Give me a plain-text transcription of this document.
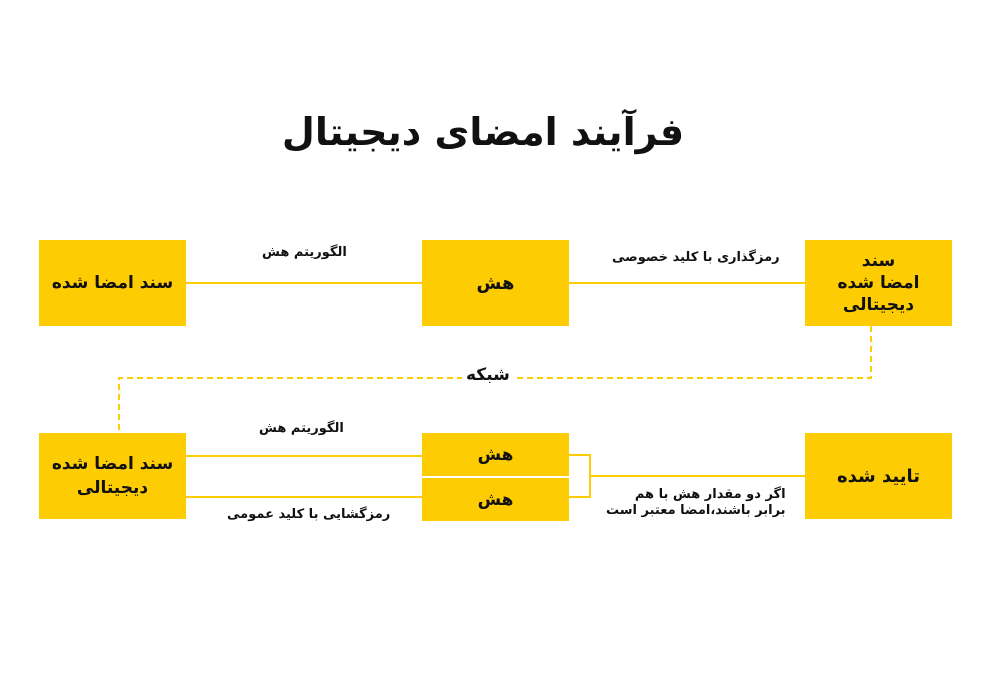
فرآیند امضای دیجیتال
سند امضا شده	هش
سند
امضا شده
دیجیتالی
الگوریتم هش	رمزگذاری با کلید خصوصی
شبکه
سند امضا شده
دیجیتالی
هش
هش
تایید شده
الگوریتم هش
رمزگشایی با کلید عمومی
اگر دو مقدار هش با هم
برابر باشند،امضا معتبر است
